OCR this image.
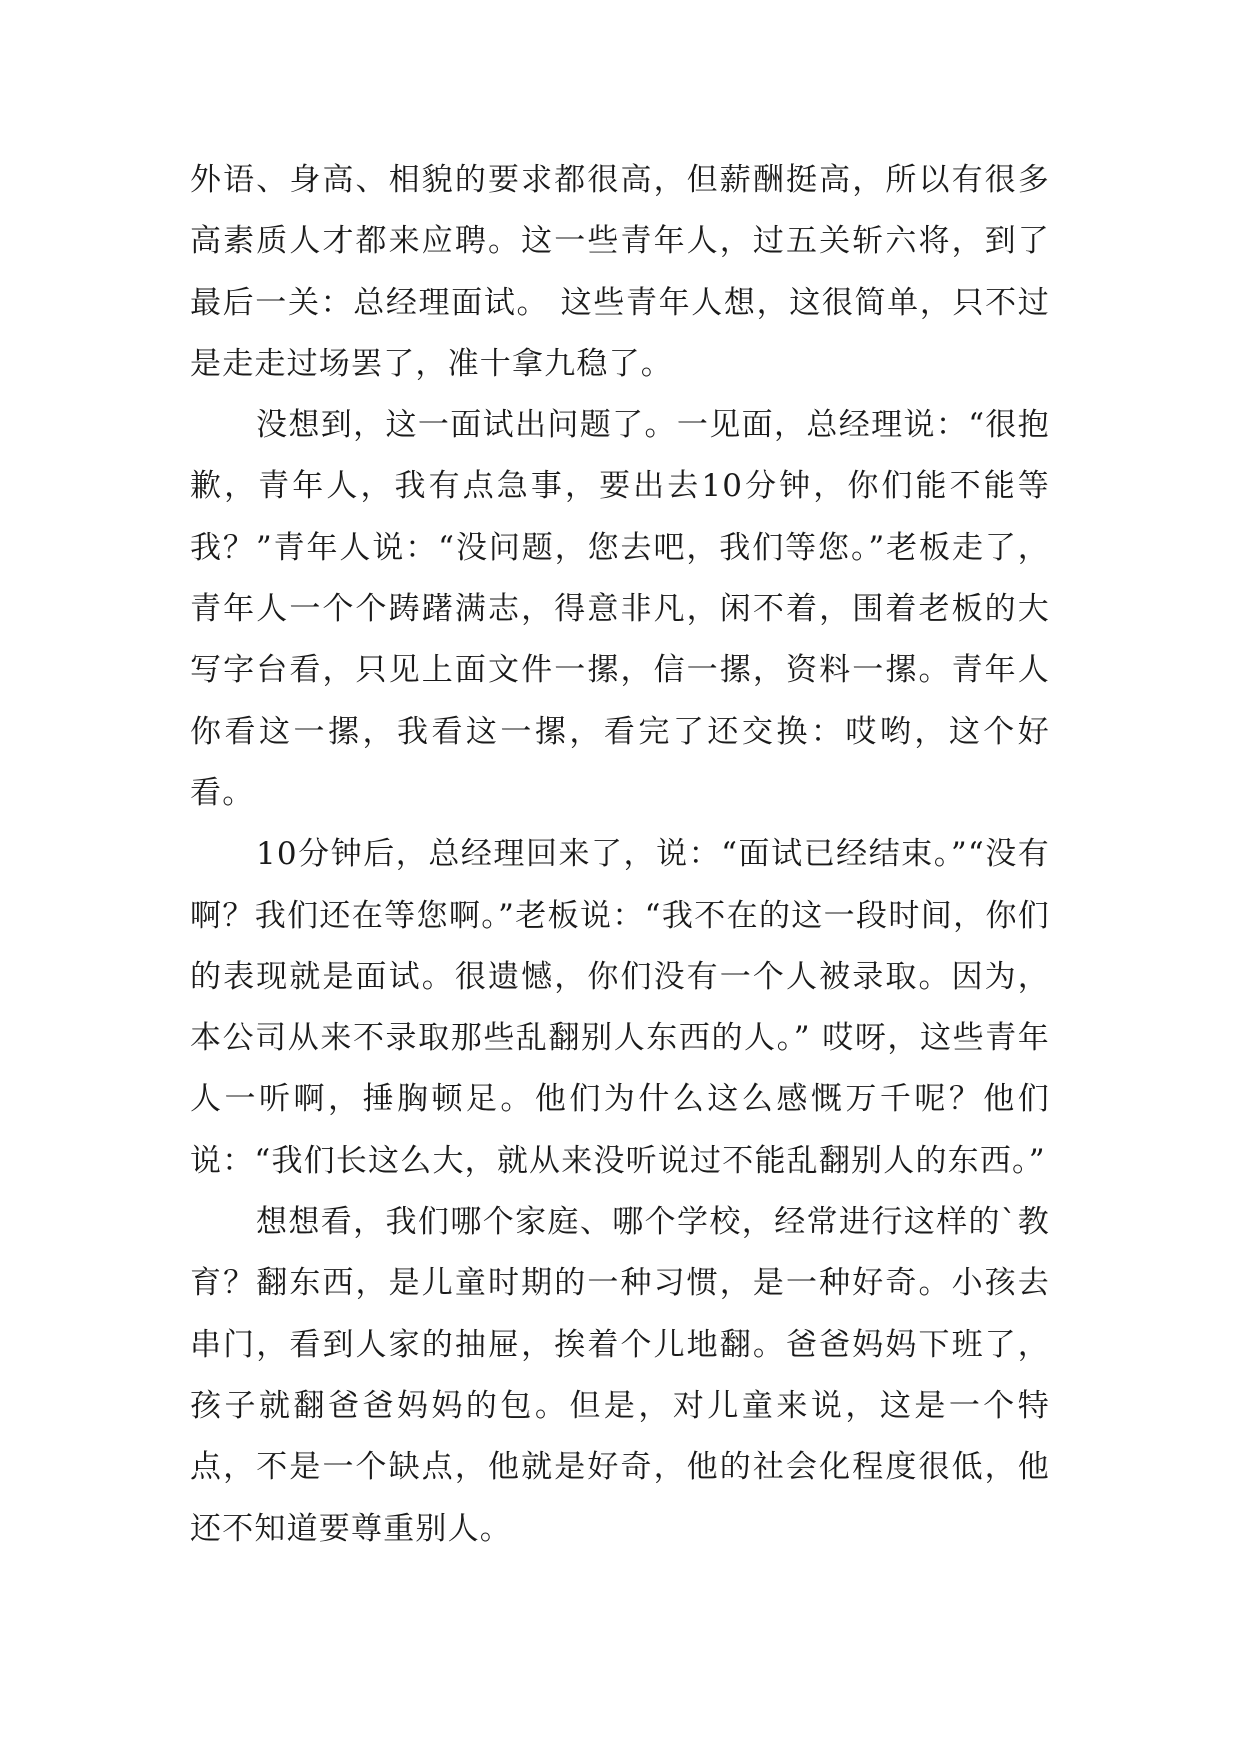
外语、身高、相貌的要求都很高，但薪酬挺高，所以有很多高素质人才都来应聘。这一些青年人，过五关斩六将，到了最后一关：总经理面试。 这些青年人想，这很简单，只不过是走走过场罢了，准十拿九稳了。

没想到，这一面试出问题了。一见面，总经理说：“很抱歉，青年人，我有点急事，要出去10分钟，你们能不能等我？”青年人说：“没问题，您去吧，我们等您。”老板走了，青年人一个个踌躇满志，得意非凡，闲不着，围着老板的大写字台看，只见上面文件一摞，信一摞，资料一摞。青年人你看这一摞，我看这一摞，看完了还交换：哎哟，这个好看。

10分钟后，总经理回来了，说：“面试已经结束。”“没有啊？我们还在等您啊。”老板说：“我不在的这一段时间，你们的表现就是面试。很遗憾，你们没有一个人被录取。因为，本公司从来不录取那些乱翻别人东西的人。” 哎呀，这些青年人一听啊，捶胸顿足。他们为什么这么感慨万千呢？他们说：“我们长这么大，就从来没听说过不能乱翻别人的东西。”

想想看，我们哪个家庭、哪个学校，经常进行这样的`教育？翻东西，是儿童时期的一种习惯，是一种好奇。小孩去串门，看到人家的抽屉，挨着个儿地翻。爸爸妈妈下班了，孩子就翻爸爸妈妈的包。但是，对儿童来说，这是一个特点，不是一个缺点，他就是好奇，他的社会化程度很低，他还不知道要尊重别人。
